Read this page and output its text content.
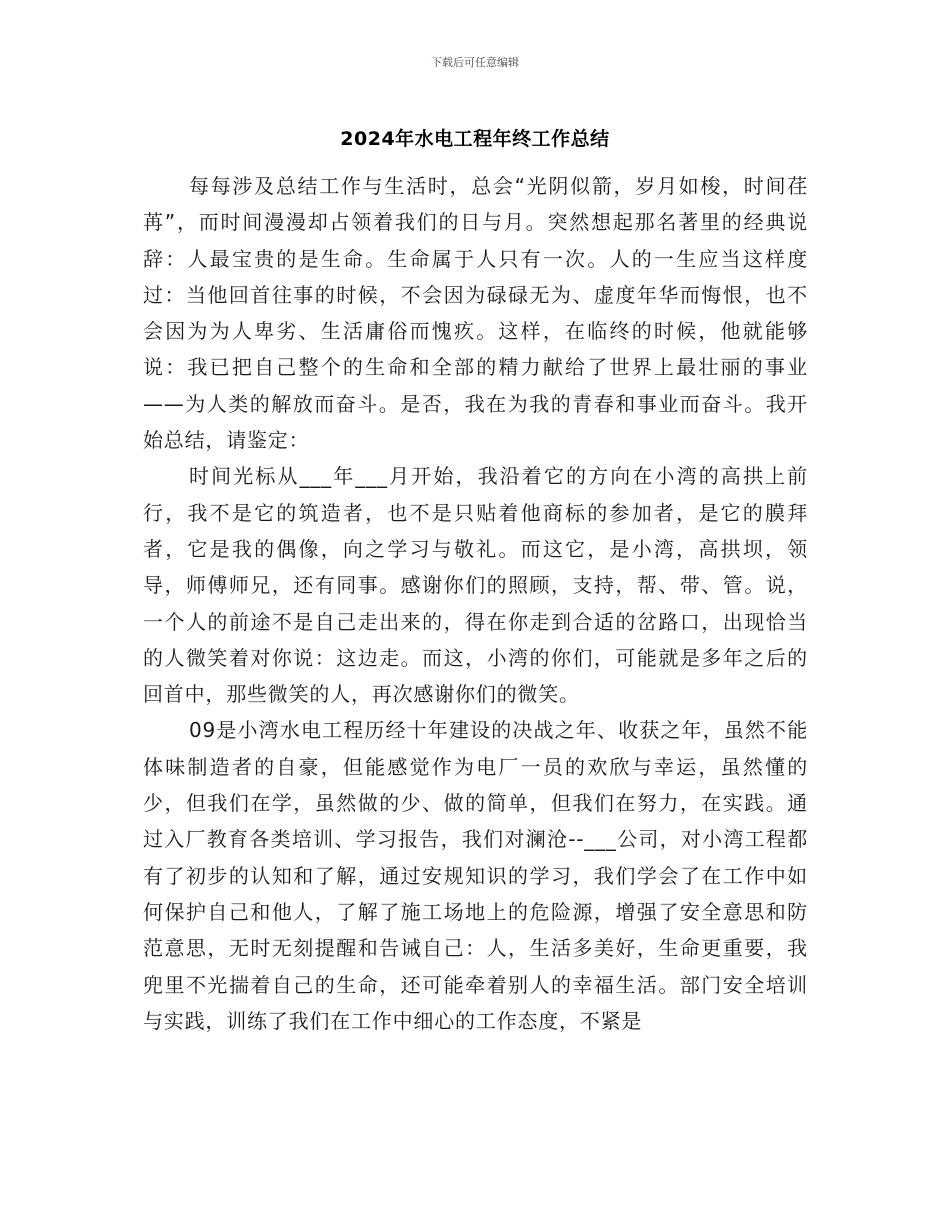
下载后可任意编辑
2024年水电工程年终工作总结

每每涉及总结工作与生活时，总会“光阴似箭，岁月如梭，时间荏苒”，而时间漫漫却占领着我们的日与月。突然想起那名著里的经典说辞：人最宝贵的是生命。生命属于人只有一次。人的一生应当这样度过：当他回首往事的时候，不会因为碌碌无为、虚度年华而悔恨，也不会因为为人卑劣、生活庸俗而愧疚。这样，在临终的时候，他就能够说：我已把自己整个的生命和全部的精力献给了世界上最壮丽的事业——为人类的解放而奋斗。是否，我在为我的青春和事业而奋斗。我开始总结，请鉴定：

时间光标从___年___月开始，我沿着它的方向在小湾的高拱上前行，我不是它的筑造者，也不是只贴着他商标的参加者，是它的膜拜者，它是我的偶像，向之学习与敬礼。而这它，是小湾，高拱坝，领导，师傅师兄，还有同事。感谢你们的照顾，支持，帮、带、管。说，一个人的前途不是自己走出来的，得在你走到合适的岔路口，出现恰当的人微笑着对你说：这边走。而这，小湾的你们，可能就是多年之后的回首中，那些微笑的人，再次感谢你们的微笑。

09是小湾水电工程历经十年建设的决战之年、收获之年，虽然不能体味制造者的自豪，但能感觉作为电厂一员的欢欣与幸运，虽然懂的少，但我们在学，虽然做的少、做的简单，但我们在努力，在实践。通过入厂教育各类培训、学习报告，我们对澜沧--___公司，对小湾工程都有了初步的认知和了解，通过安规知识的学习，我们学会了在工作中如何保护自己和他人，了解了施工场地上的危险源，增强了安全意思和防范意思，无时无刻提醒和告诫自己：人，生活多美好，生命更重要，我兜里不光揣着自己的生命，还可能牵着别人的幸福生活。部门安全培训与实践，训练了我们在工作中细心的工作态度，不紧是
